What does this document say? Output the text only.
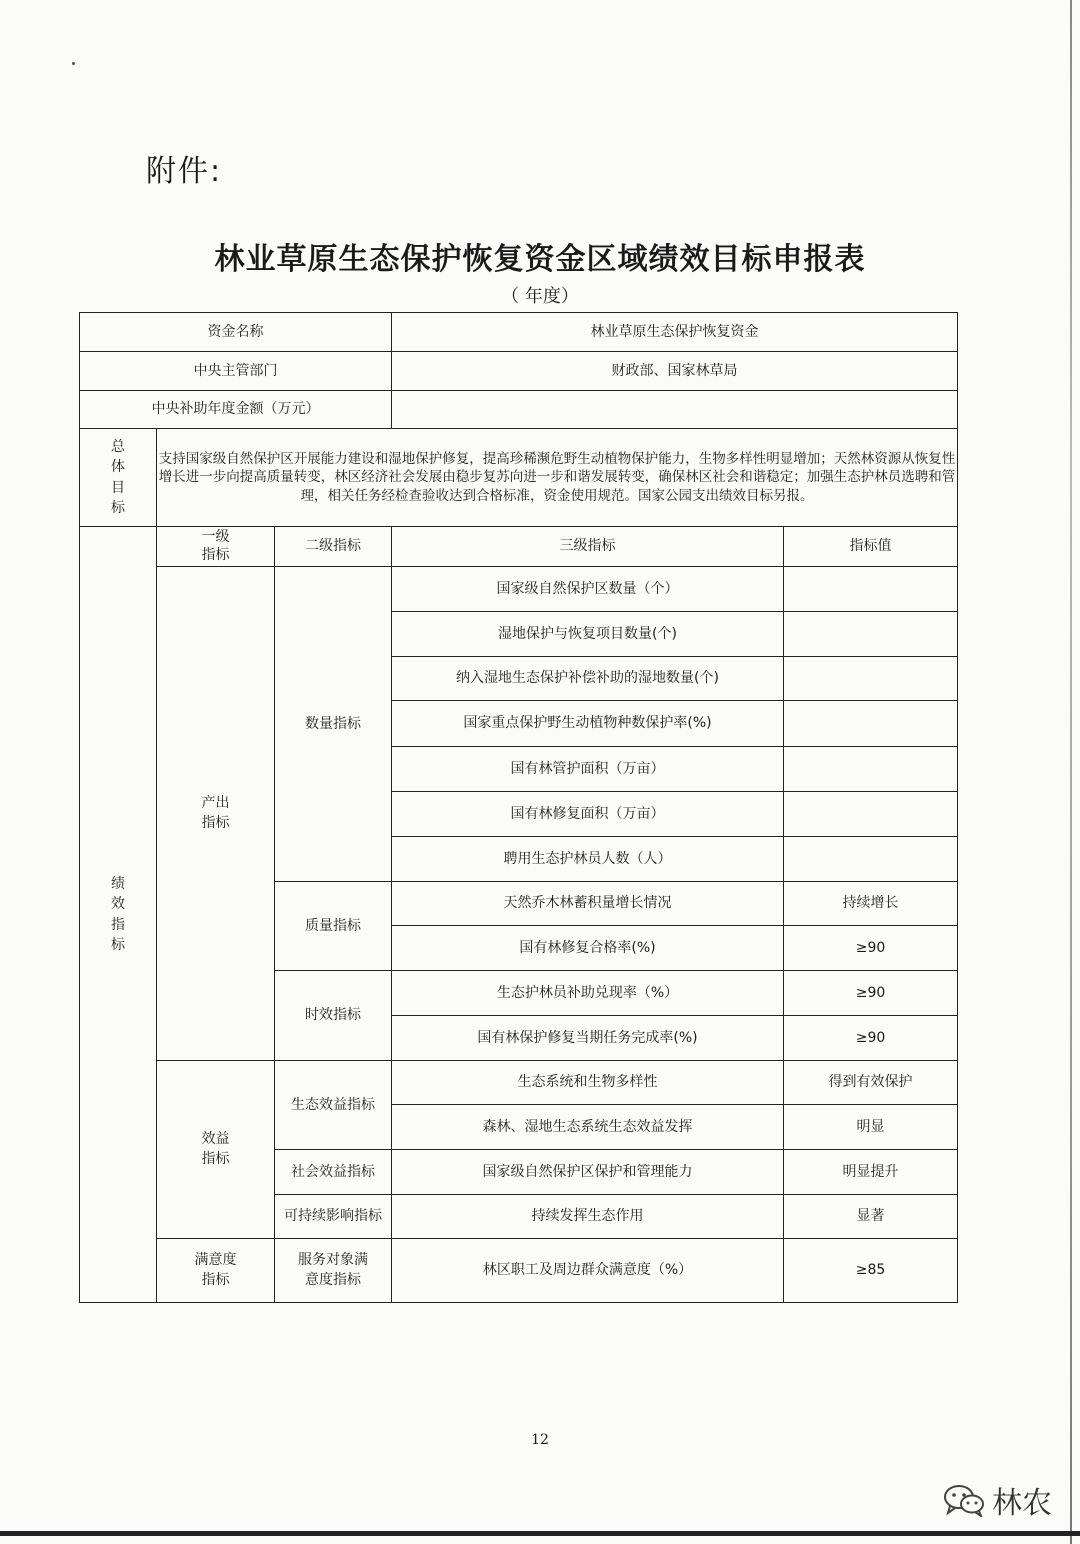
附件:
林业草原生态保护恢复资金区域绩效目标申报表
（ 年度）
资金名称			林业草原生态保护恢复资金	
中央主管部门			财政部、国家林草局	
中央补助年度金额（万元）				
总体目标	支持国家级自然保护区开展能力建设和湿地保护修复，提高珍稀濒危野生动植物保护能力，生物多样性明显增加；天然林资源从恢复性增长进一步向提高质量转变，林区经济社会发展由稳步复苏向进一步和谐发展转变，确保林区社会和谐稳定；加强生态护林员选聘和管理，相关任务经检查验收达到合格标准，资金使用规范。国家公园支出绩效目标另报。			
绩效指标	一级指标	二级指标	三级指标	指标值
	产出指标	数量指标	国家级自然保护区数量（个）	
			湿地保护与恢复项目数量(个)	
			纳入湿地生态保护补偿补助的湿地数量(个)	
			国家重点保护野生动植物种数保护率(%)	
			国有林管护面积（万亩）	
			国有林修复面积（万亩）	
			聘用生态护林员人数（人）	
		质量指标	天然乔木林蓄积量增长情况	持续增长
			国有林修复合格率(%)	≥90
		时效指标	生态护林员补助兑现率（%）	≥90
			国有林保护修复当期任务完成率(%)	≥90
	效益指标	生态效益指标	生态系统和生物多样性	得到有效保护
			森林、湿地生态系统生态效益发挥	明显
		社会效益指标	国家级自然保护区保护和管理能力	明显提升
		可持续影响指标	持续发挥生态作用	显著
	满意度指标	服务对象满意度指标	林区职工及周边群众满意度（%）	≥85
12
林农
